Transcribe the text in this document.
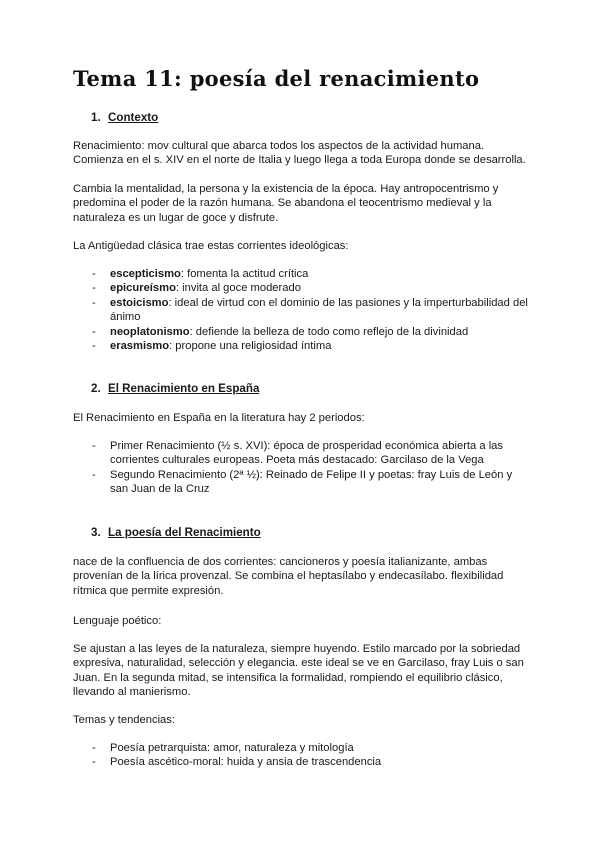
Tema 11: poesía del renacimiento
1. Contexto

Renacimiento: mov cultural que abarca todos los aspectos de la actividad humana. Comienza en el s. XIV en el norte de Italia y luego llega a toda Europa donde se desarrolla.

Cambia la mentalidad, la persona y la existencia de la época. Hay antropocentrismo y predomina el poder de la razón humana. Se abandona el teocentrismo medieval y la naturaleza es un lugar de goce y disfrute.

La Antigüedad clásica trae estas corrientes ideológicas:

- escepticismo: fomenta la actitud crítica
- epicureísmo: invita al goce moderado
- estoicismo: ideal de virtud con el dominio de las pasiones y la imperturbabilidad del ánimo
- neoplatonismo: defiende la belleza de todo como reflejo de la divinidad
- erasmismo: propone una religiosidad íntima
2. El Renacimiento en España

El Renacimiento en España en la literatura hay 2 periodos:

- Primer Renacimiento (½ s. XVI): época de prosperidad económica abierta a las corrientes culturales europeas. Poeta más destacado: Garcilaso de la Vega
- Segundo Renacimiento (2ª ½): Reinado de Felipe II y poetas: fray Luis de León y san Juan de la Cruz
3. La poesía del Renacimiento

nace de la confluencia de dos corrientes: cancioneros y poesía italianizante, ambas provenían de la lírica provenzal. Se combina el heptasílabo y endecasílabo. flexibilidad rítmica que permite expresión.

Lenguaje poético:

Se ajustan a las leyes de la naturaleza, siempre huyendo. Estilo marcado por la sobriedad expresiva, naturalidad, selección y elegancia. este ideal se ve en Garcilaso, fray Luis o san Juan. En la segunda mitad, se intensifica la formalidad, rompiendo el equilibrio clásico, llevando al manierismo.

Temas y tendencias:

- Poesía petrarquista: amor, naturaleza y mitología
- Poesía ascético-moral: huida y ansia de trascendencia
